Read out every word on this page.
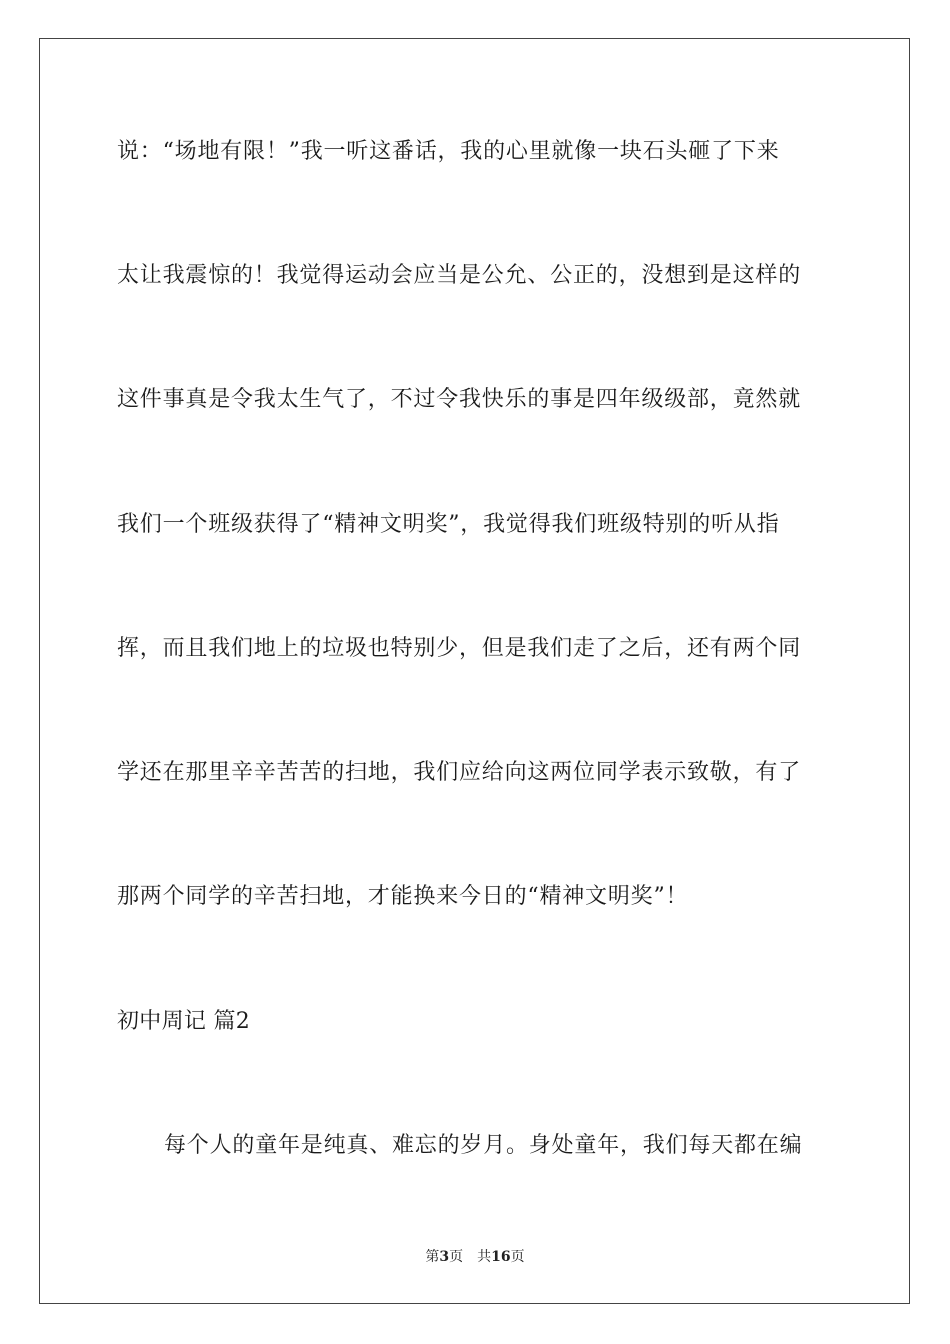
说：“场地有限！”我一听这番话，我的心里就像一块石头砸了下来
太让我震惊的！我觉得运动会应当是公允、公正的，没想到是这样的
这件事真是令我太生气了，不过令我快乐的事是四年级级部，竟然就
我们一个班级获得了“精神文明奖”，我觉得我们班级特别的听从指
挥，而且我们地上的垃圾也特别少，但是我们走了之后，还有两个同
学还在那里辛辛苦苦的扫地，我们应给向这两位同学表示致敬，有了
那两个同学的辛苦扫地，才能换来今日的“精神文明奖”！
初中周记 篇2
每个人的童年是纯真、难忘的岁月。身处童年，我们每天都在编
第3页 共16页
